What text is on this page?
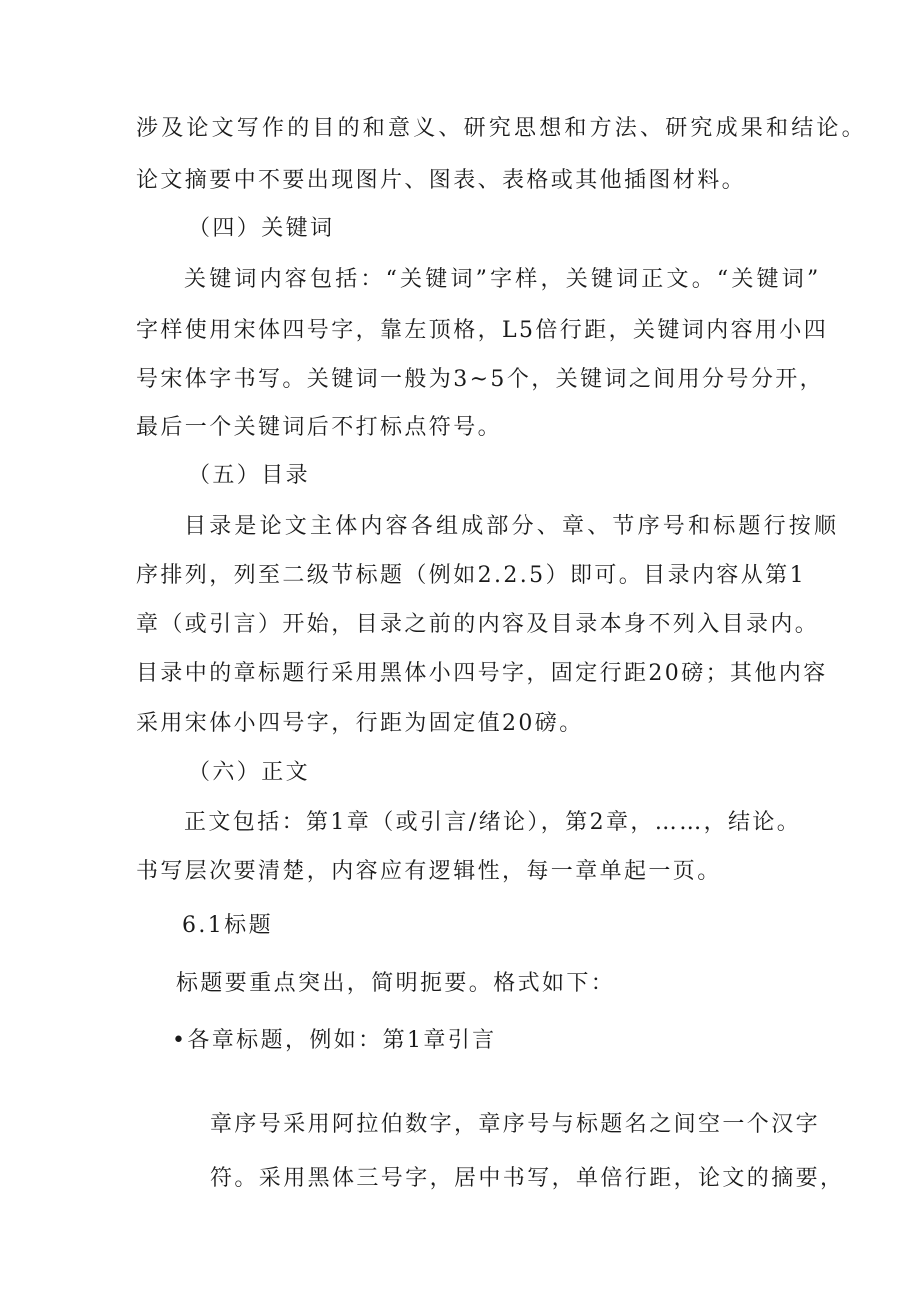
涉及论文写作的目的和意义、研究思想和方法、研究成果和结论。
论文摘要中不要出现图片、图表、表格或其他插图材料。
（四）关键词
关键词内容包括：“关键词”字样，关键词正文。“关键词”
字样使用宋体四号字，靠左顶格，L5倍行距，关键词内容用小四
号宋体字书写。关键词一般为3~5个，关键词之间用分号分开，
最后一个关键词后不打标点符号。
（五）目录
目录是论文主体内容各组成部分、章、节序号和标题行按顺
序排列，列至二级节标题（例如2.2.5）即可。目录内容从第1
章（或引言）开始，目录之前的内容及目录本身不列入目录内。
目录中的章标题行采用黑体小四号字，固定行距20磅；其他内容
采用宋体小四号字，行距为固定值20磅。
（六）正文
正文包括：第1章（或引言/绪论），第2章，……，结论。
书写层次要清楚，内容应有逻辑性，每一章单起一页。
6.1标题
标题要重点突出，简明扼要。格式如下：
•各章标题，例如：第1章引言
章序号采用阿拉伯数字，章序号与标题名之间空一个汉字
符。采用黑体三号字，居中书写，单倍行距，论文的摘要，
